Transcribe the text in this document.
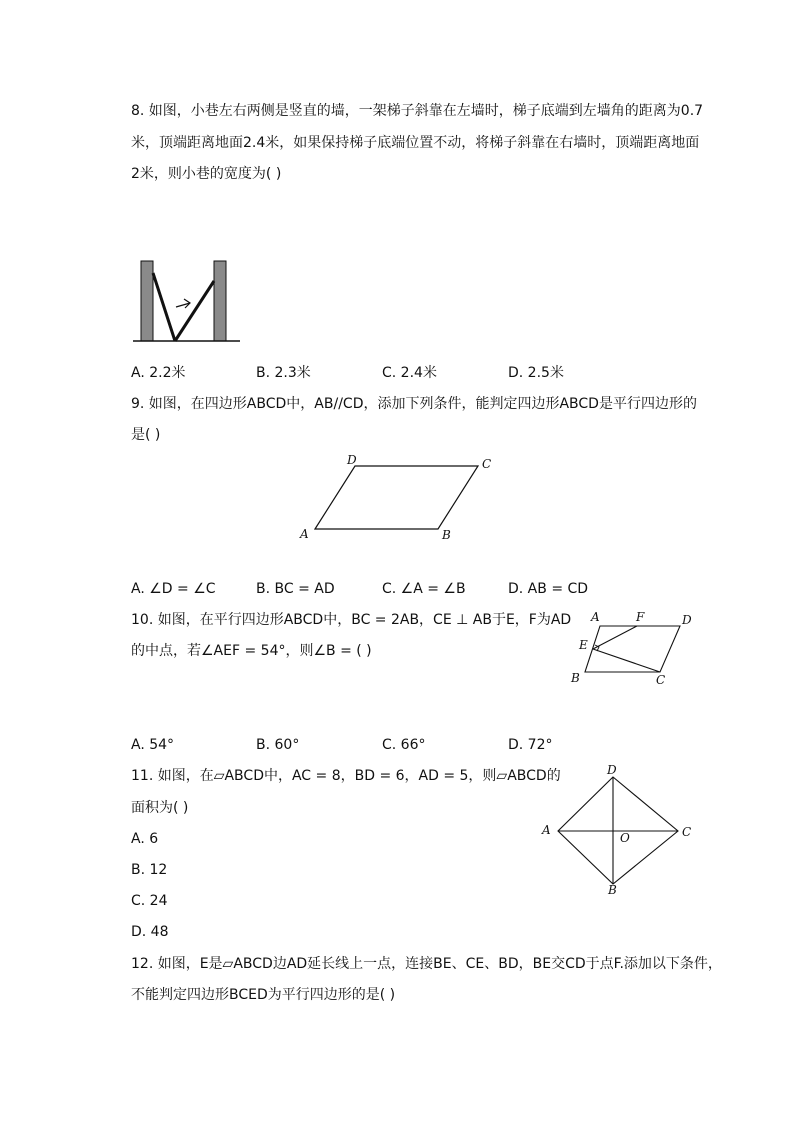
8. 如图，小巷左右两侧是竖直的墙，一架梯子斜靠在左墙时，梯子底端到左墙角的距离为0.7
米，顶端距离地面2.4米，如果保持梯子底端位置不动，将梯子斜靠在右墙时，顶端距离地面
2米，则小巷的宽度为( )
A. 2.2米	B. 2.3米	C. 2.4米	D. 2.5米
9. 如图，在四边形ABCD中，AB//CD，添加下列条件，能判定四边形ABCD是平行四边形的
是( )
D	C
A	B
A. ∠D = ∠C	B. BC = AD	C. ∠A = ∠B	D. AB = CD
10. 如图，在平行四边形ABCD中，BC = 2AB，CE ⊥ AB于E，F为AD
的中点，若∠AEF = 54°，则∠B = ( )
A	F	D
E
B	C
A. 54°	B. 60°	C. 66°	D. 72°
11. 如图，在▱ABCD中，AC = 8，BD = 6，AD = 5，则▱ABCD的
面积为( )
D
C
A
O
B
A. 6
B. 12
C. 24
D. 48
12. 如图，E是▱ABCD边AD延长线上一点，连接BE、CE、BD，BE交CD于点F.添加以下条件，
不能判定四边形BCED为平行四边形的是( )
